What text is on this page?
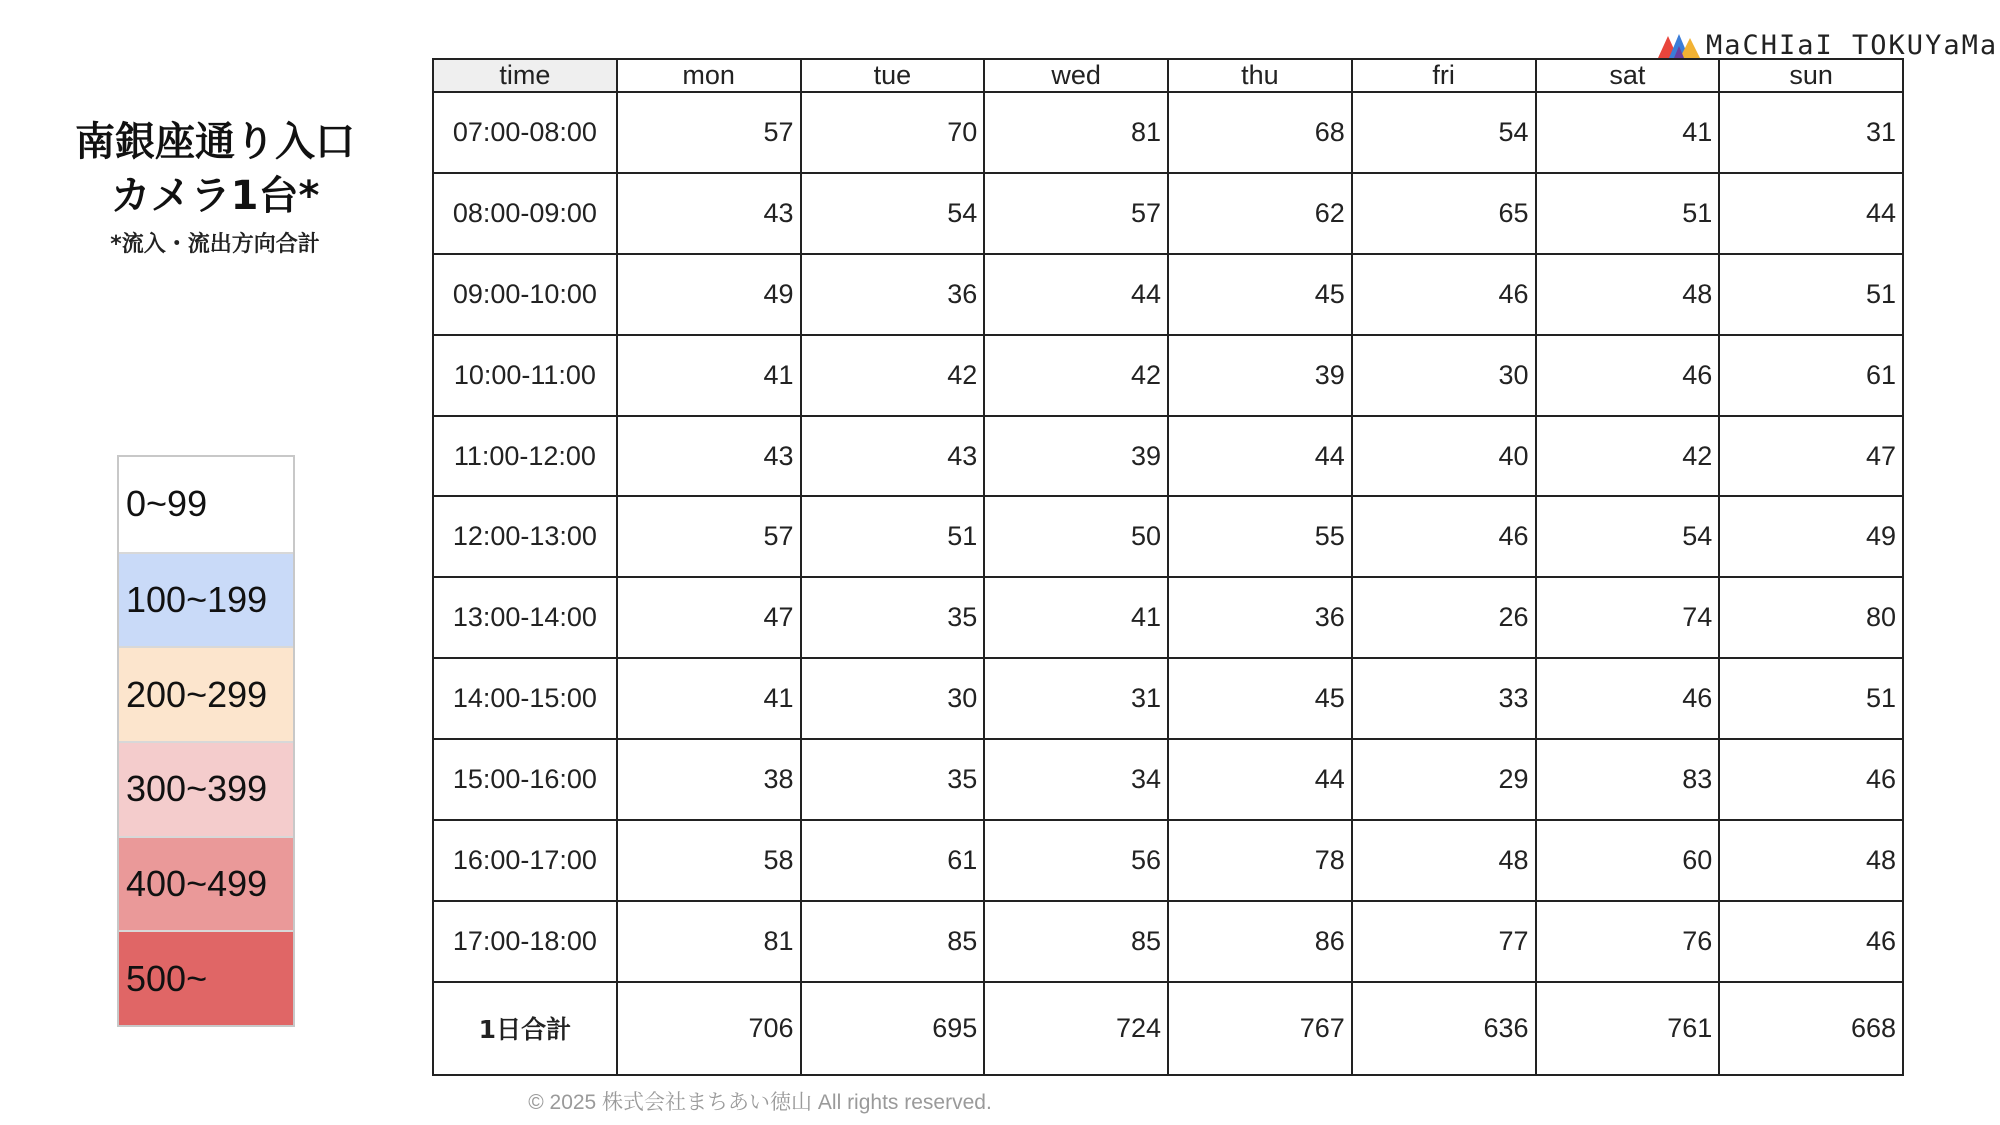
MaCHIaI TOKUYaMa
南銀座通り入口
カメラ1台*
*流入・流出方向合計
0~99
100~199
200~299
300~399
400~499
500~
time	mon	tue	wed	thu	fri	sat	sun
07:00-08:00	57	70	81	68	54	41	31
08:00-09:00	43	54	57	62	65	51	44
09:00-10:00	49	36	44	45	46	48	51
10:00-11:00	41	42	42	39	30	46	61
11:00-12:00	43	43	39	44	40	42	47
12:00-13:00	57	51	50	55	46	54	49
13:00-14:00	47	35	41	36	26	74	80
14:00-15:00	41	30	31	45	33	46	51
15:00-16:00	38	35	34	44	29	83	46
16:00-17:00	58	61	56	78	48	60	48
17:00-18:00	81	85	85	86	77	76	46
1日合計	706	695	724	767	636	761	668
© 2025 株式会社まちあい徳山 All rights reserved.
